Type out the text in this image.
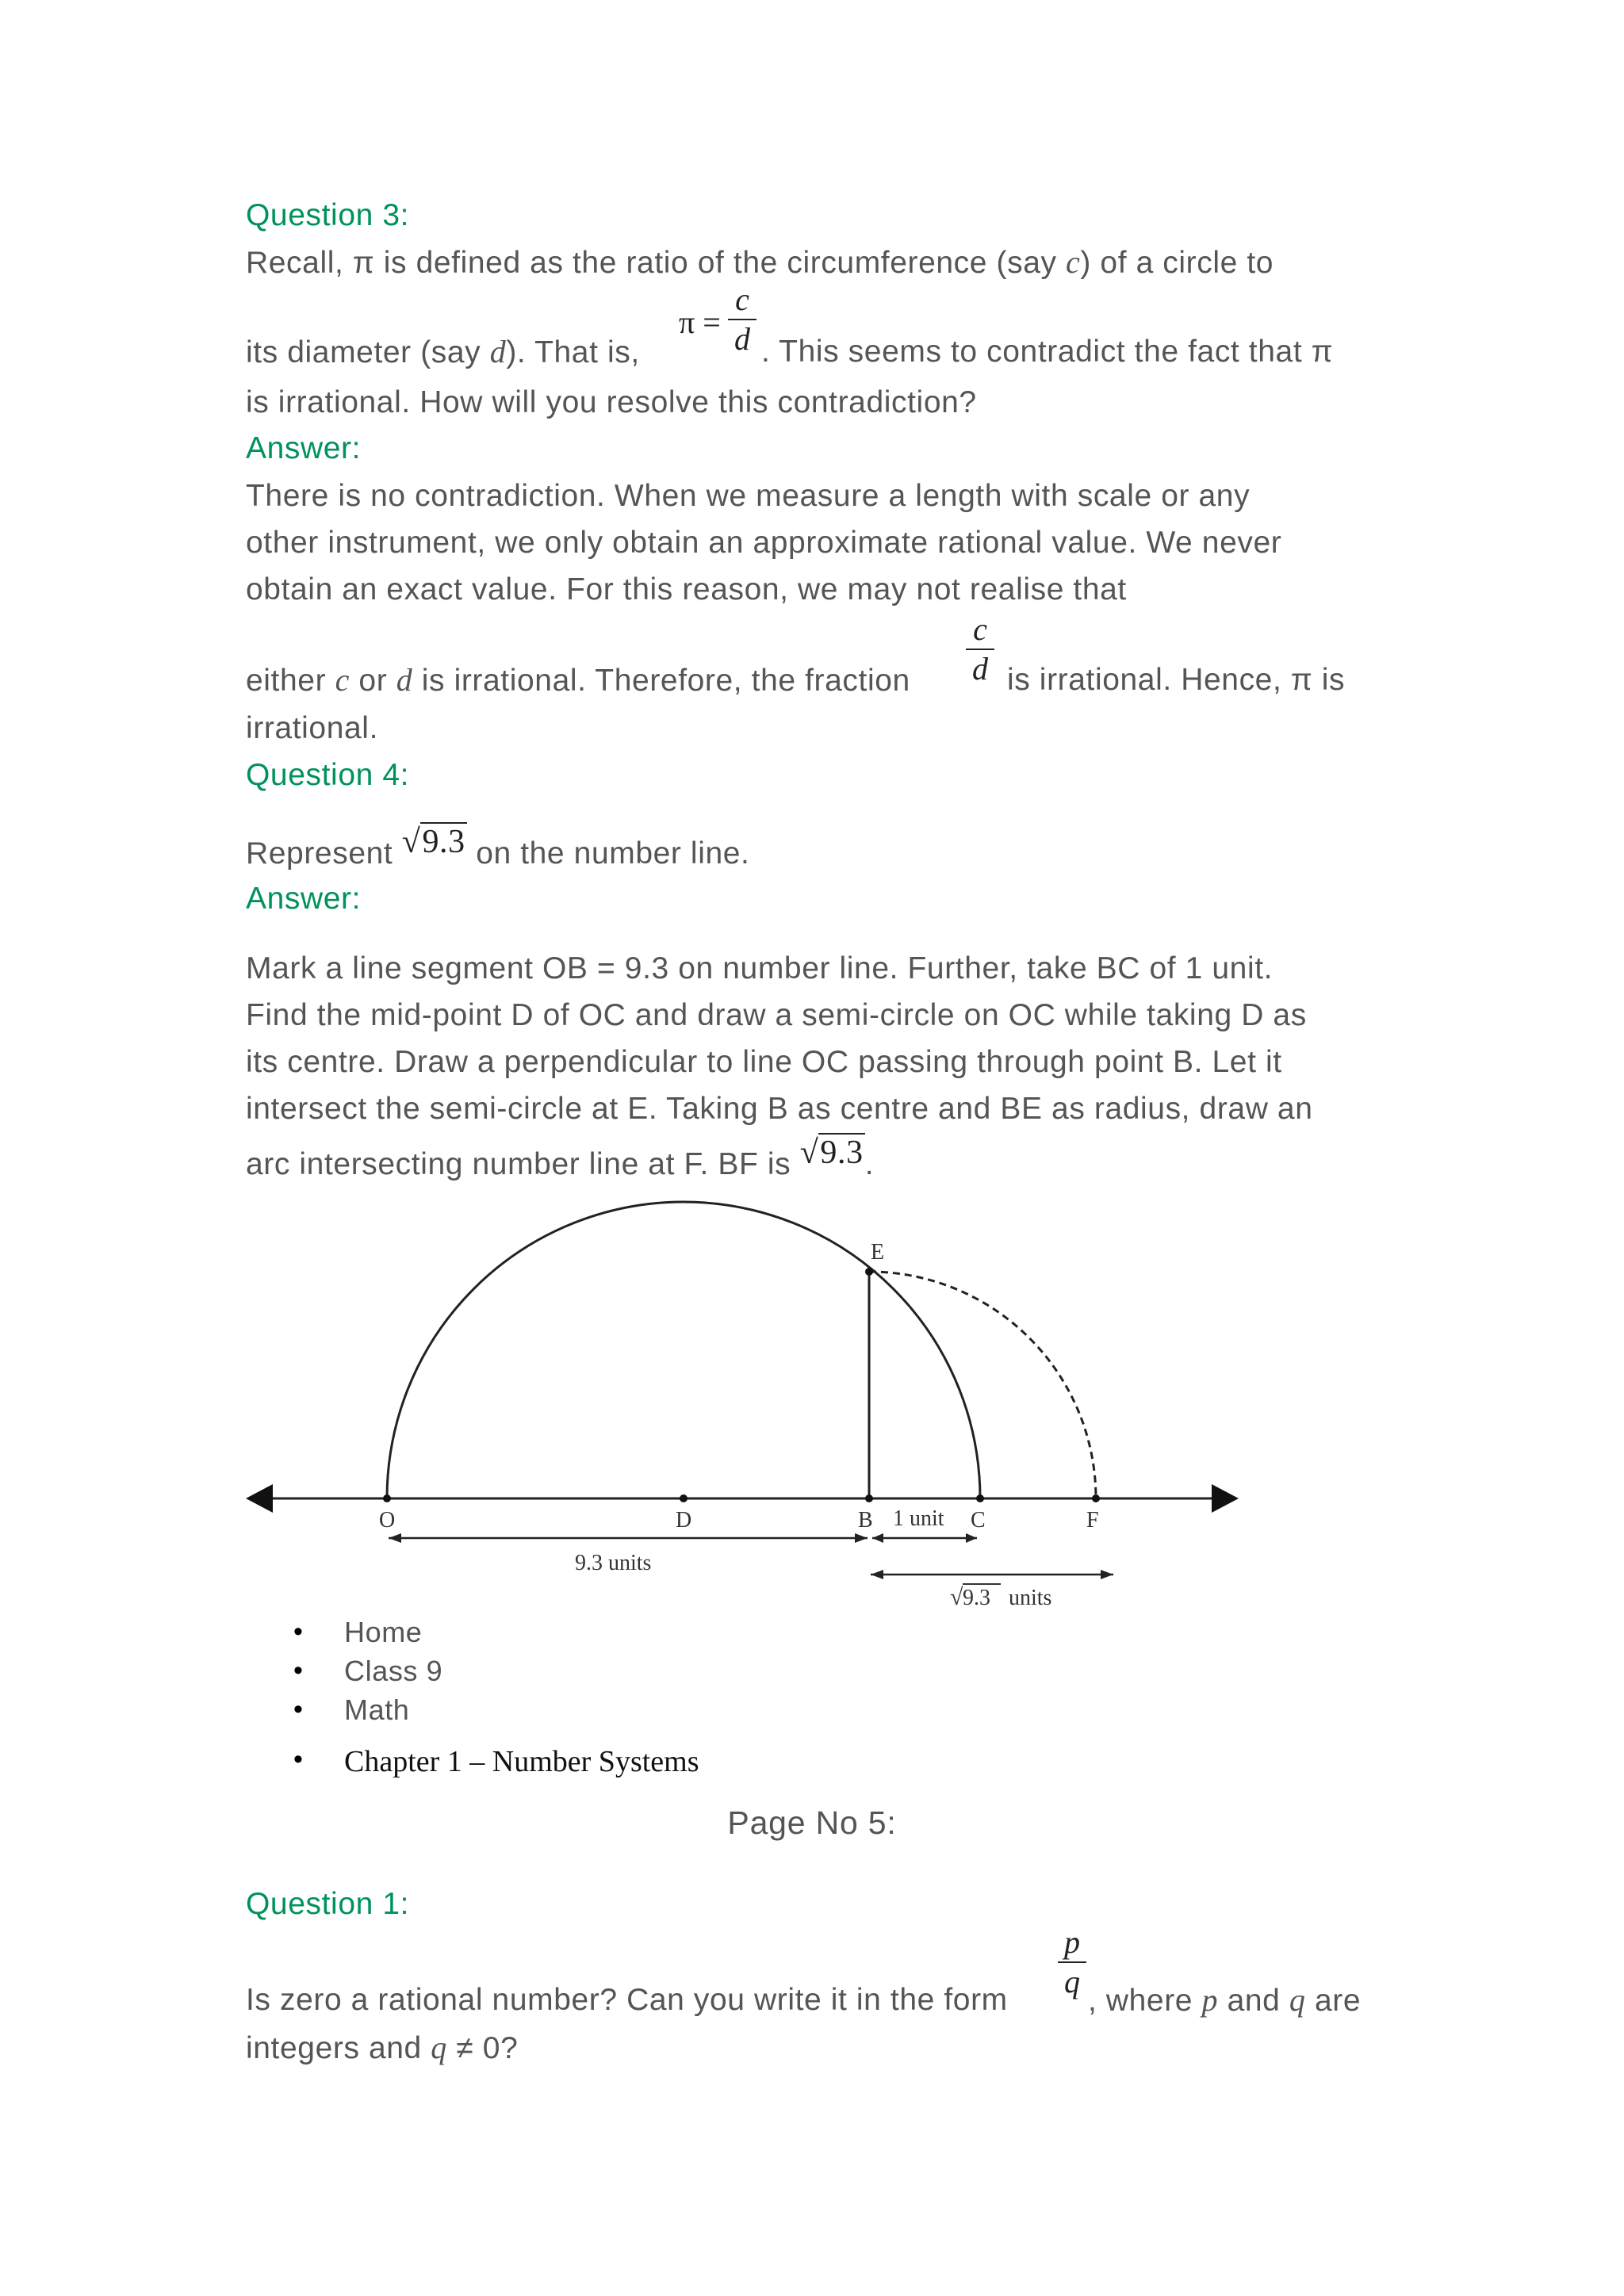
Question 3:
Recall, π is defined as the ratio of the circumference (say c) of a circle to
π =
c
d
its diameter (say d). That is,	. This seems to contradict the fact that π
is irrational. How will you resolve this contradiction?
Answer:
There is no contradiction. When we measure a length with scale or any
other instrument, we only obtain an approximate rational value. We never
obtain an exact value. For this reason, we may not realise that
c
d
either c or d is irrational. Therefore, the fraction	is irrational. Hence, π is
irrational.
Question 4:
Represent √9.3 on the number line.
Answer:
Mark a line segment OB = 9.3 on number line. Further, take BC of 1 unit.
Find the mid-point D of OC and draw a semi-circle on OC while taking D as
its centre. Draw a perpendicular to line OC passing through point B. Let it
intersect the semi-circle at E. Taking B as centre and BE as radius, draw an
arc intersecting number line at F. BF is √9.3.
E
O	D	B 1 unit C	F
9.3 units
√ 9.3 units
• Home
• Class 9
• Math
• Chapter 1 – Number Systems
Page No 5:
Question 1:
p
q
Is zero a rational number? Can you write it in the form	, where p and q are
integers and q ≠ 0?
